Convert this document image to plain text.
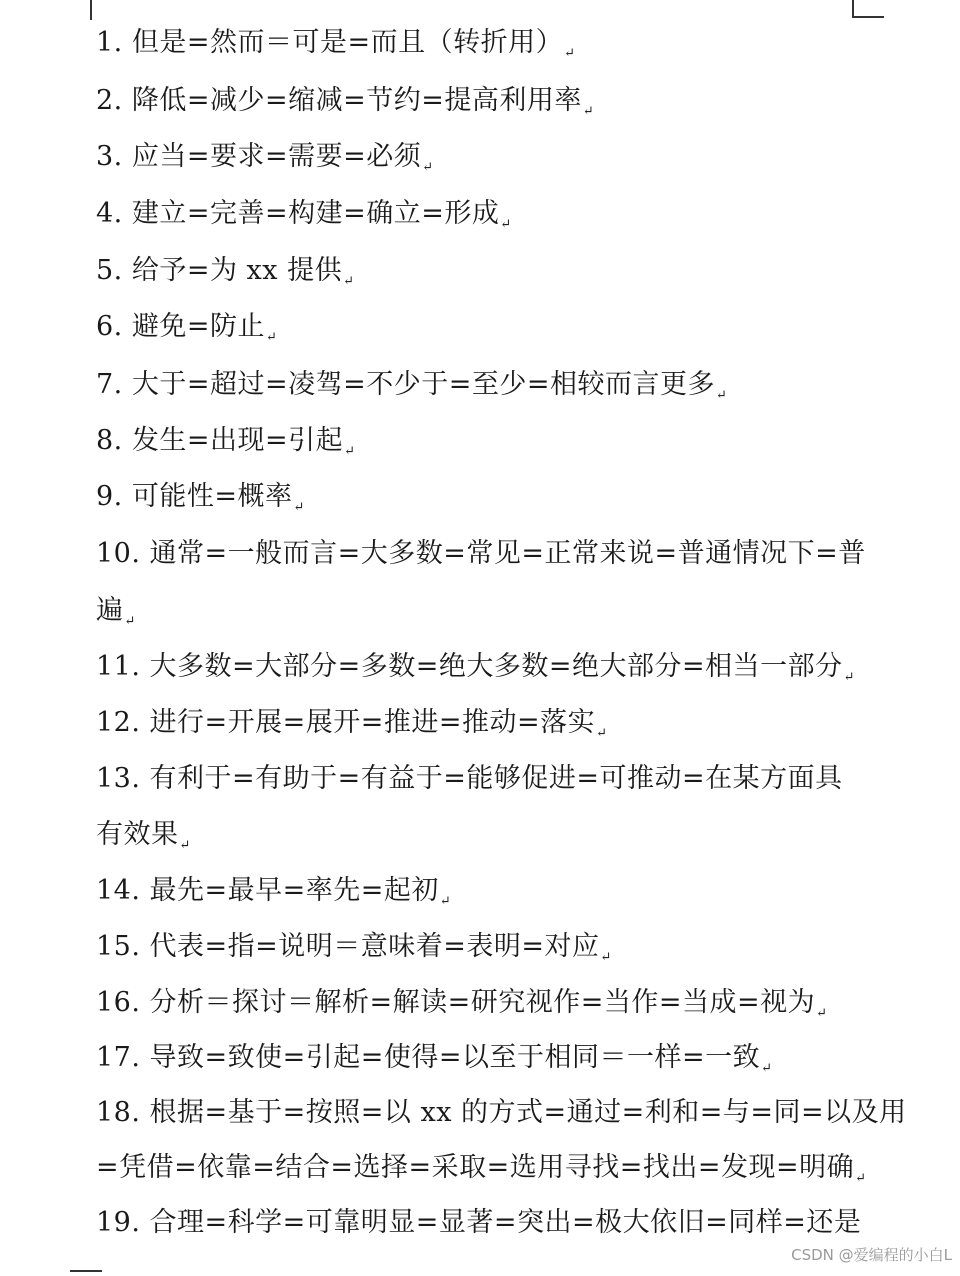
1. 但是=然而＝可是=而且（转折用）$_↵$
2. 降低=减少=缩减=节约=提高利用率$_↵$
3. 应当=要求=需要=必须$_↵$
4. 建立=完善=构建=确立=形成$_↵$
5. 给予=为 xx 提供$_↵$
6. 避免=防止$_↵$
7. 大于=超过=凌驾=不少于=至少=相较而言更多$_↵$
8. 发生=出现=引起$_↵$
9. 可能性=概率$_↵$
10. 通常=一般而言=大多数=常见=正常来说=普通情况下=普
遍$_↵$
11. 大多数=大部分=多数=绝大多数=绝大部分=相当一部分$_↵$
12. 进行=开展=展开=推进=推动=落实$_↵$
13. 有利于=有助于=有益于=能够促进=可推动=在某方面具
有效果$_↵$
14. 最先=最早=率先=起初$_↵$
15. 代表=指=说明＝意味着=表明=对应$_↵$
16. 分析＝探讨＝解析=解读=研究视作=当作=当成=视为$_↵$
17. 导致=致使=引起=使得=以至于相同＝一样=一致$_↵$
18. 根据=基于=按照=以 xx 的方式=通过=利和=与=同=以及用
=凭借=依靠=结合=选择=采取=选用寻找=找出=发现=明确$_↵$
19. 合理=科学=可靠明显=显著=突出=极大依旧=同样=还是
CSDN @爱编程的小白L
